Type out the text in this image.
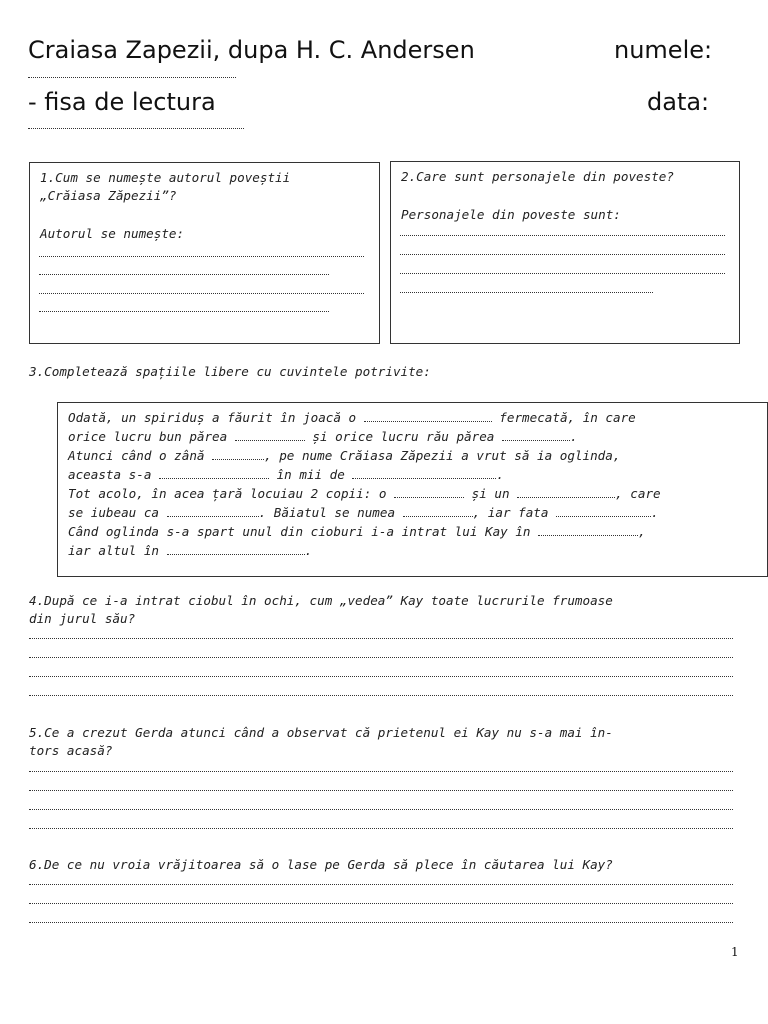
Craiasa Zapezii, dupa H. C. Andersen	numele:
- fisa de lectura	data:
1.Cum se numește autorul poveștii
„Crăiasa Zăpezii”?
Autorul se numește:
2.Care sunt personajele din poveste?
Personajele din poveste sunt:
3.Completează spațiile libere cu cuvintele potrivite:
Odată, un spiriduș a făurit în joacă o	fermecată, în care
orice lucru bun părea	și orice lucru rău părea	.
Atunci când o zână	, pe nume Crăiasa Zăpezii a vrut să ia oglinda,
aceasta s-a	în mii de	.
Tot acolo, în acea țară locuiau 2 copii: o	și un	, care
se iubeau ca	. Băiatul se numea	, iar fata	.
Când oglinda s-a spart unul din cioburi i-a intrat lui Kay în	,
iar altul în	.
4.După ce i-a intrat ciobul în ochi, cum „vedea” Kay toate lucrurile frumoase
din jurul său?
5.Ce a crezut Gerda atunci când a observat că prietenul ei Kay nu s-a mai în-
tors acasă?
6.De ce nu vroia vrăjitoarea să o lase pe Gerda să plece în căutarea lui Kay?
1
